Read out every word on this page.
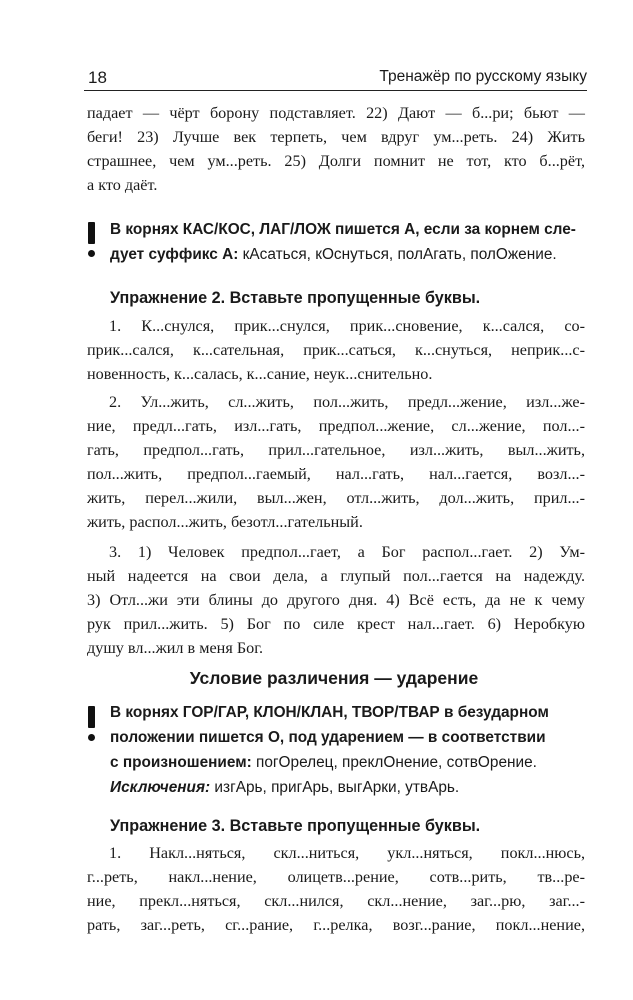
18	Тренажёр по русскому языку
падает — чёрт борону подставляет. 22) Дают — б...ри; бьют —
беги! 23) Лучше век терпеть, чем вдруг ум...реть. 24) Жить
страшнее, чем ум...реть. 25) Долги помнит не тот, кто б...рёт,
а кто даёт.
В корнях КАС/КОС, ЛАГ/ЛОЖ пишется А, если за корнем сле-
дует суффикс А: кАсаться, кОснуться, полАгать, полОжение.
Упражнение 2. Вставьте пропущенные буквы.
1. К...снулся, прик...снулся, прик...сновение, к...сался, со-
прик...сался, к...сательная, прик...саться, к...снуться, неприк...с-
новенность, к...салась, к...сание, неук...снительно.
2. Ул...жить, сл...жить, пол...жить, предл...жение, изл...же-
ние, предл...гать, изл...гать, предпол...жение, сл...жение, пол...-
гать, предпол...гать, прил...гательное, изл...жить, выл...жить,
пол...жить, предпол...гаемый, нал...гать, нал...гается, возл...-
жить, перел...жили, выл...жен, отл...жить, дол...жить, прил...-
жить, распол...жить, безотл...гательный.
3. 1) Человек предпол...гает, а Бог распол...гает. 2) Ум-
ный надеется на свои дела, а глупый пол...гается на надежду.
3) Отл...жи эти блины до другого дня. 4) Всё есть, да не к чему
рук прил...жить. 5) Бог по силе крест нал...гает. 6) Неробкую
душу вл...жил в меня Бог.
Условие различения — ударение
В корнях ГОР/ГАР, КЛОН/КЛАН, ТВОР/ТВАР в безударном
положении пишется О, под ударением — в соответствии
с произношением: погОрелец, преклОнение, сотвОрение.
Исключения: изгАрь, пригАрь, выгАрки, утвАрь.
Упражнение 3. Вставьте пропущенные буквы.
1. Накл...няться, скл...ниться, укл...няться, покл...нюсь,
г...реть, накл...нение, олицетв...рение, сотв...рить, тв...ре-
ние, прекл...няться, скл...нился, скл...нение, заг...рю, заг...-
рать, заг...реть, сг...рание, г...релка, возг...рание, покл...нение,
